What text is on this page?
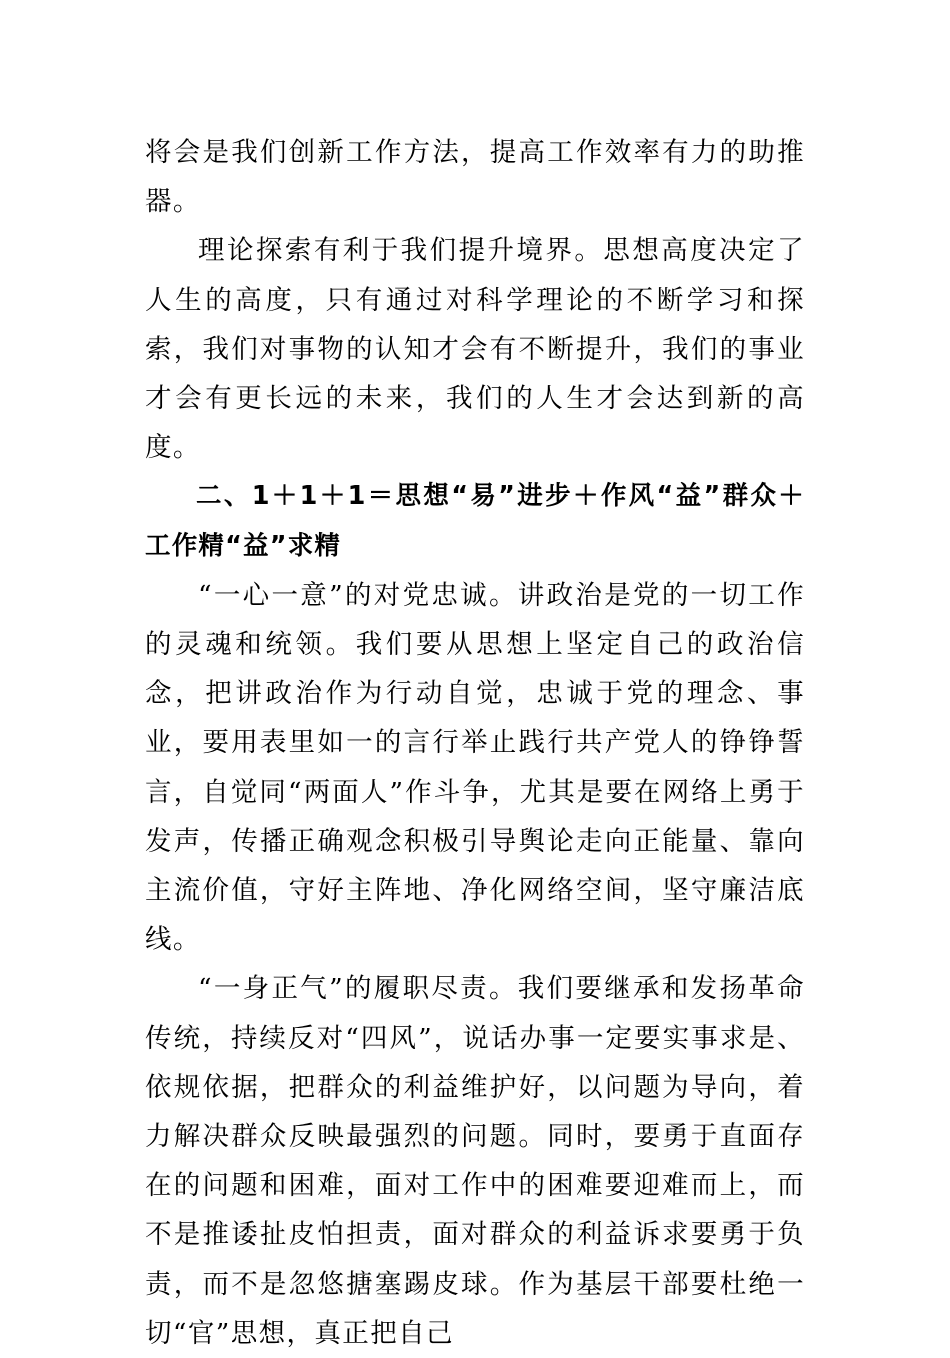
将会是我们创新工作方法，提高工作效率有力的助推器。

理论探索有利于我们提升境界。思想高度决定了人生的高度，只有通过对科学理论的不断学习和探索，我们对事物的认知才会有不断提升，我们的事业才会有更长远的未来，我们的人生才会达到新的高度。

二、1＋1＋1＝思想“易”进步＋作风“益”群众＋工作精“益”求精

“一心一意”的对党忠诚。讲政治是党的一切工作的灵魂和统领。我们要从思想上坚定自己的政治信念，把讲政治作为行动自觉，忠诚于党的理念、事业，要用表里如一的言行举止践行共产党人的铮铮誓言，自觉同“两面人”作斗争，尤其是要在网络上勇于发声，传播正确观念积极引导舆论走向正能量、靠向主流价值，守好主阵地、净化网络空间，坚守廉洁底线。

“一身正气”的履职尽责。我们要继承和发扬革命传统，持续反对“四风”，说话办事一定要实事求是、依规依据，把群众的利益维护好，以问题为导向，着力解决群众反映最强烈的问题。同时，要勇于直面存在的问题和困难，面对工作中的困难要迎难而上，而不是推诿扯皮怕担责，面对群众的利益诉求要勇于负责，而不是忽悠搪塞踢皮球。作为基层干部要杜绝一切“官”思想，真正把自己
